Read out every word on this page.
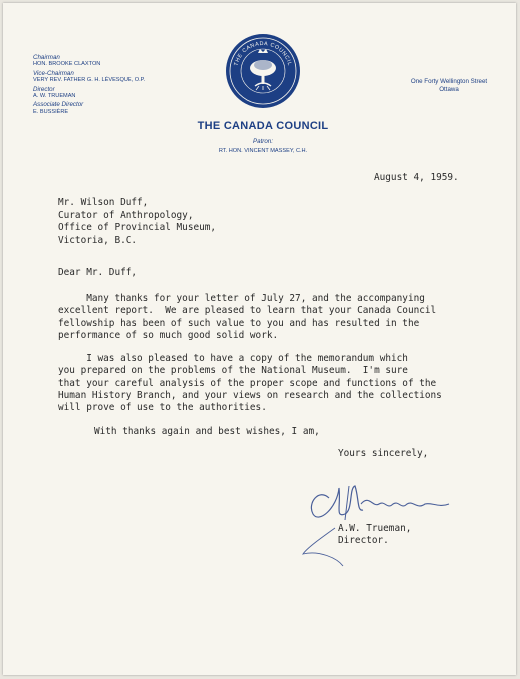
Chairman
HON. BROOKE CLAXTON
Vice-Chairman
VERY REV. FATHER G. H. LÉVESQUE, O.P.
Director
A. W. TRUEMAN
Associate Director
E. BUSSIÈRE
THE CANADA COUNCIL
One Forty Wellington Street
Ottawa
THE CANADA COUNCIL
Patron:
RT. HON. VINCENT MASSEY, C.H.
August 4, 1959.
Mr. Wilson Duff,
Curator of Anthropology,
Office of Provincial Museum,
Victoria, B.C.
Dear Mr. Duff,

Many thanks for your letter of July 27, and the accompanying

excellent report.  We are pleased to learn that your Canada Council

fellowship has been of such value to you and has resulted in the

performance of so much good solid work.

I was also pleased to have a copy of the memorandum which

you prepared on the problems of the National Museum.  I'm sure

that your careful analysis of the proper scope and functions of the

Human History Branch, and your views on research and the collections

will prove of use to the authorities.

With thanks again and best wishes, I am,
Yours sincerely,
A.W. Trueman,
Director.
